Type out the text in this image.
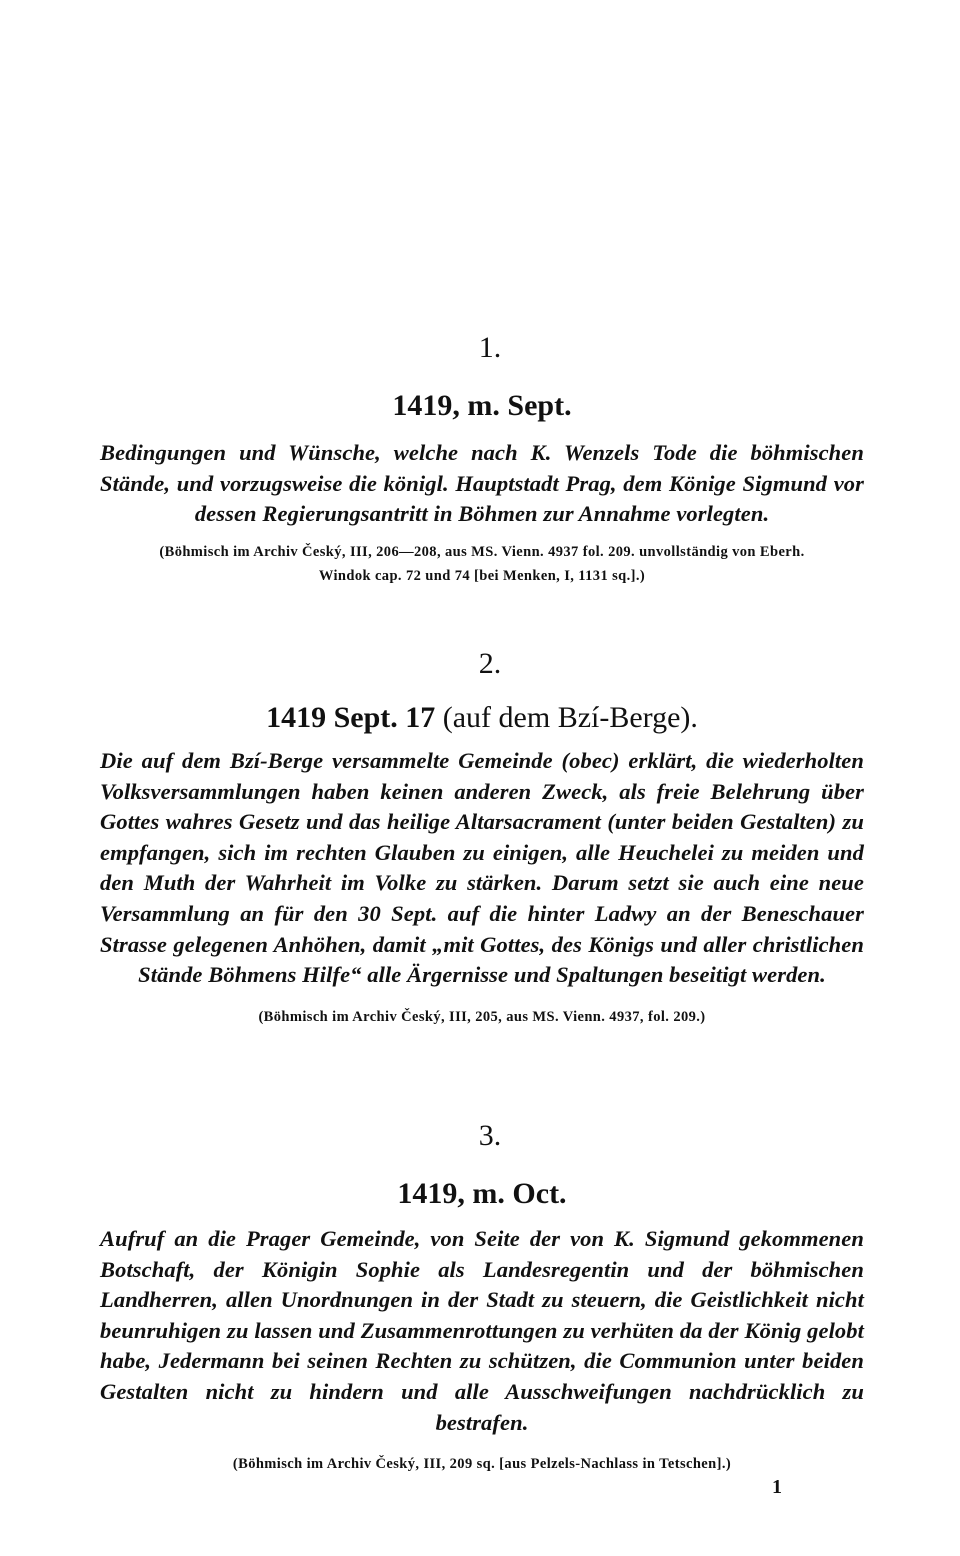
1.

1419, m. Sept.

Bedingungen und Wünsche, welche nach K. Wenzels Tode die böhmischen Stände, und vorzugsweise die königl. Hauptstadt Prag, dem Könige Sigmund vor dessen Regierungsantritt in Böhmen zur Annahme vorlegten.

(Böhmisch im Archiv Český, III, 206—208, aus MS. Vienn. 4937 fol. 209. unvollständig von Eberh. Windok cap. 72 und 74 [bei Menken, I, 1131 sq.].)

2.

1419 Sept. 17 (auf dem Bzí-Berge).

Die auf dem Bzí-Berge versammelte Gemeinde (obec) erklärt, die wiederholten Volksversammlungen haben keinen anderen Zweck, als freie Belehrung über Gottes wahres Gesetz und das heilige Altarsacrament (unter beiden Gestalten) zu empfangen, sich im rechten Glauben zu einigen, alle Heuchelei zu meiden und den Muth der Wahrheit im Volke zu stärken. Darum setzt sie auch eine neue Versammlung an für den 30 Sept. auf die hinter Ladwy an der Beneschauer Strasse gelegenen Anhöhen, damit „mit Gottes, des Königs und aller christlichen Stände Böhmens Hilfe“ alle Ärgernisse und Spaltungen beseitigt werden.

(Böhmisch im Archiv Český, III, 205, aus MS. Vienn. 4937, fol. 209.)

3.

1419, m. Oct.

Aufruf an die Prager Gemeinde, von Seite der von K. Sigmund gekommenen Botschaft, der Königin Sophie als Landesregentin und der böhmischen Landherren, allen Unordnungen in der Stadt zu steuern, die Geistlichkeit nicht beunruhigen zu lassen und Zusammenrottungen zu verhüten da der König gelobt habe, Jedermann bei seinen Rechten zu schützen, die Communion unter beiden Gestalten nicht zu hindern und alle Ausschweifungen nachdrücklich zu bestrafen.

(Böhmisch im Archiv Český, III, 209 sq. [aus Pelzels-Nachlass in Tetschen].)

1
